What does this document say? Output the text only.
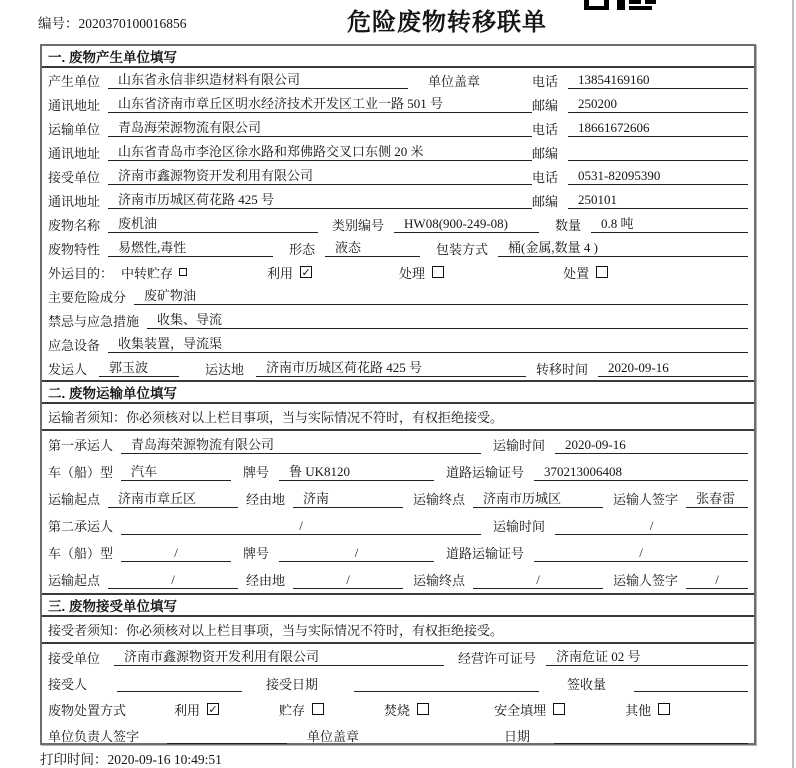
编号：2020370100016856	危险废物转移联单
一. 废物产生单位填写
产生单位	山东省永信非织造材料有限公司	单位盖章	电话	13854169160
通讯地址	山东省济南市章丘区明水经济技术开发区工业一路 501 号	邮编	250200
运输单位	青岛海荣源物流有限公司	电话	18661672606
通讯地址	山东省青岛市李沧区徐水路和郑佛路交叉口东侧 20 米	邮编
接受单位	济南市鑫源物资开发利用有限公司	电话	0531-82095390
通讯地址	济南市历城区荷花路 425 号	邮编	250101
废物名称	废机油	类别编号	HW08(900-249-08)	数量	0.8 吨
废物特性	易燃性,毒性	形态	液态	包装方式	桶(金属,数量 4 )
外运目的： 中转贮存	利用 ✓	处理	处置
主要危险成分	废矿物油
禁忌与应急措施	收集、导流
应急设备	收集装置，导流渠
发运人	郭玉波	运达地	济南市历城区荷花路 425 号	转移时间	2020-09-16
二. 废物运输单位填写
运输者须知： 你必须核对以上栏目事项，当与实际情况不符时，有权拒绝接受。
第一承运人	青岛海荣源物流有限公司	运输时间	2020-09-16
车（船）型	汽车	牌号	鲁 UK8120	道路运输证号	370213006408
运输起点	济南市章丘区	经由地	济南	运输终点	济南市历城区	运输人签字	张春雷
第二承运人	/	运输时间	/
车（船）型	/	牌号	/	道路运输证号	/
运输起点	/	经由地	/	运输终点	/	运输人签字	/
三. 废物接受单位填写
接受者须知： 你必须核对以上栏目事项，当与实际情况不符时，有权拒绝接受。
接受单位	济南市鑫源物资开发利用有限公司	经营许可证号	济南危证 02 号
接受人	接受日期	签收量
废物处置方式	利用 ✓	贮存	焚烧	安全填埋	其他
单位负责人签字	单位盖章	日期
打印时间：2020-09-16 10:49:51
